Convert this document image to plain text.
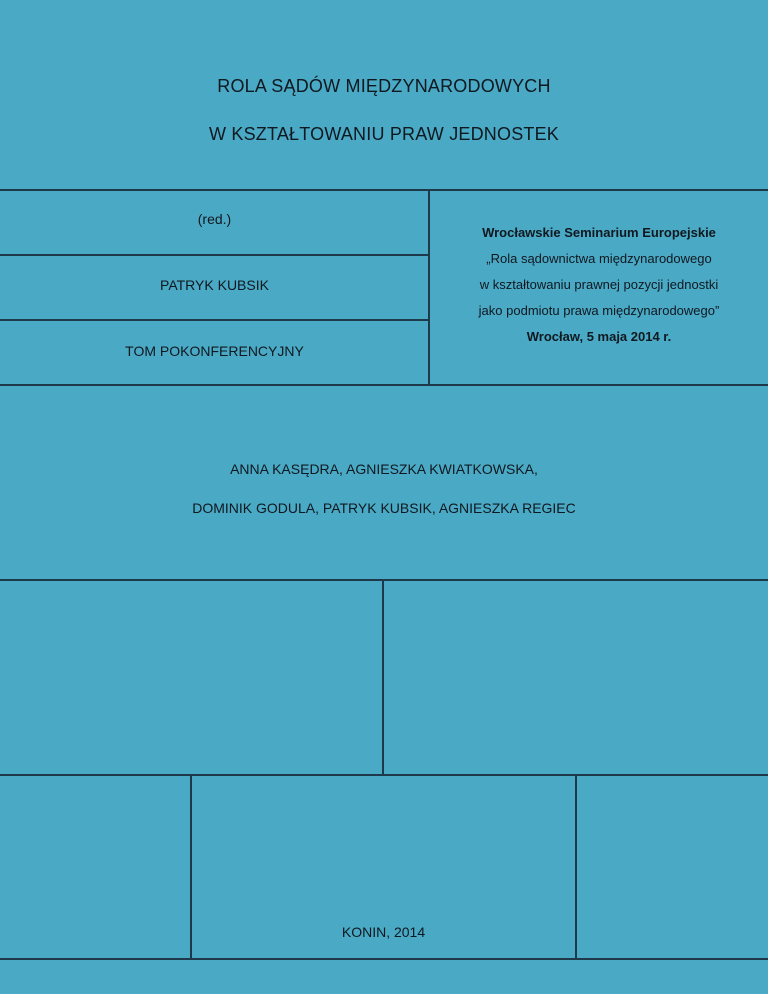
ROLA SĄDÓW MIĘDZYNARODOWYCH
W KSZTAŁTOWANIU PRAW JEDNOSTEK
(red.)
PATRYK KUBSIK
TOM POKONFERENCYJNY
Wrocławskie Seminarium Europejskie
„Rola sądownictwa międzynarodowego
w kształtowaniu prawnej pozycji jednostki
jako podmiotu prawa międzynarodowego”
Wrocław, 5 maja 2014 r.
ANNA KASĘDRA, AGNIESZKA KWIATKOWSKA,
DOMINIK GODULA, PATRYK KUBSIK, AGNIESZKA REGIEC
KONIN, 2014
